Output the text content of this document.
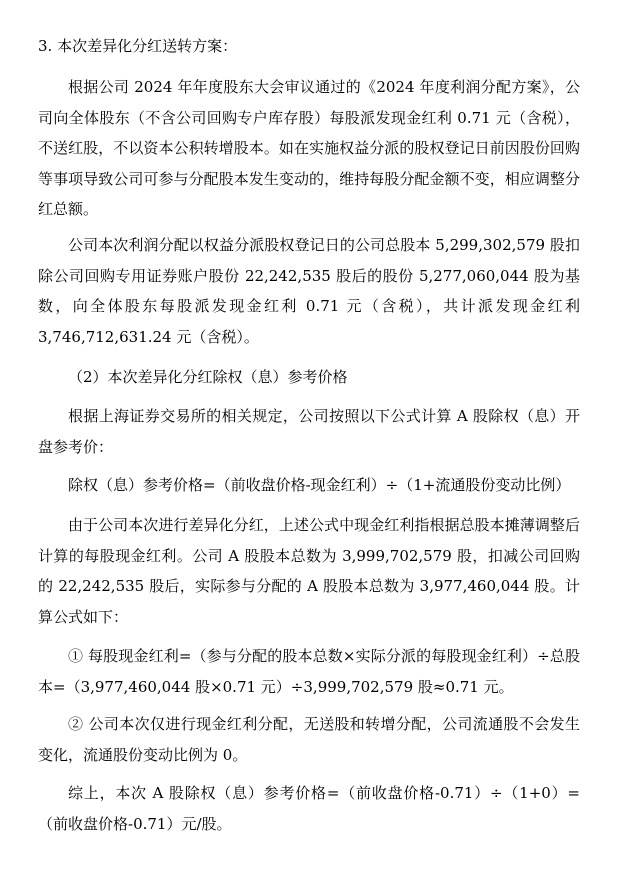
3. 本次差异化分红送转方案：

根据公司 2024 年年度股东大会审议通过的《2024 年度利润分配方案》，公司向全体股东（不含公司回购专户库存股）每股派发现金红利 0.71 元（含税），不送红股，不以资本公积转增股本。如在实施权益分派的股权登记日前因股份回购等事项导致公司可参与分配股本发生变动的，维持每股分配金额不变，相应调整分红总额。

公司本次利润分配以权益分派股权登记日的公司总股本 5,299,302,579 股扣除公司回购专用证券账户股份 22,242,535 股后的股份 5,277,060,044 股为基数，向全体股东每股派发现金红利 0.71 元（含税），共计派发现金红利 3,746,712,631.24 元（含税）。

（2）本次差异化分红除权（息）参考价格

根据上海证券交易所的相关规定，公司按照以下公式计算 A 股除权（息）开盘参考价：

除权（息）参考价格=（前收盘价格-现金红利）÷（1+流通股份变动比例）

由于公司本次进行差异化分红，上述公式中现金红利指根据总股本摊薄调整后计算的每股现金红利。公司 A 股股本总数为 3,999,702,579 股，扣减公司回购的 22,242,535 股后，实际参与分配的 A 股股本总数为 3,977,460,044 股。计算公式如下：

① 每股现金红利=（参与分配的股本总数×实际分派的每股现金红利）÷总股本=（3,977,460,044 股×0.71 元）÷3,999,702,579 股≈0.71 元。

② 公司本次仅进行现金红利分配，无送股和转增分配，公司流通股不会发生变化，流通股份变动比例为 0。

综上，本次 A 股除权（息）参考价格=（前收盘价格-0.71）÷（1+0）=（前收盘价格-0.71）元/股。
